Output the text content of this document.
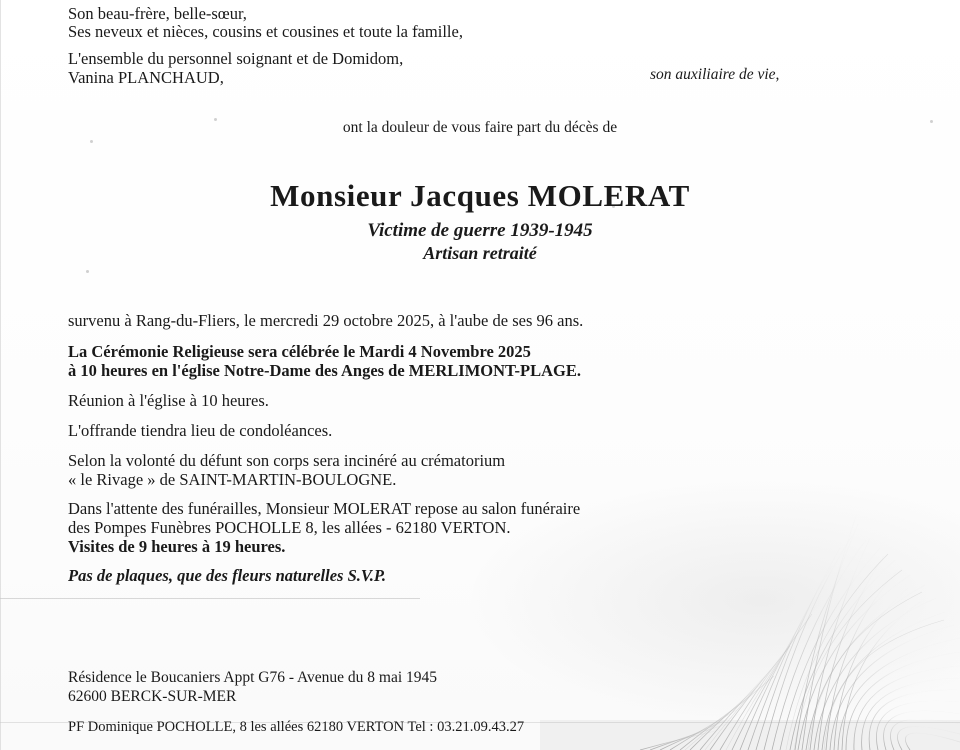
Son beau-frère, belle-sœur,
Ses neveux et nièces, cousins et cousines et toute la famille,
L'ensemble du personnel soignant et de Domidom,
Vanina PLANCHAUD,	son auxiliaire de vie,
ont la douleur de vous faire part du décès de
Monsieur Jacques MOLERAT
Victime de guerre 1939-1945
Artisan retraité
survenu à Rang-du-Fliers, le mercredi 29 octobre 2025, à l'aube de ses 96 ans.
La Cérémonie Religieuse sera célébrée le Mardi 4 Novembre 2025
à 10 heures en l'église Notre-Dame des Anges de MERLIMONT-PLAGE.
Réunion à l'église à 10 heures.
L'offrande tiendra lieu de condoléances.
Selon la volonté du défunt son corps sera incinéré au crématorium
« le Rivage » de SAINT-MARTIN-BOULOGNE.
Dans l'attente des funérailles, Monsieur MOLERAT repose au salon funéraire
des Pompes Funèbres POCHOLLE 8, les allées - 62180 VERTON.
Visites de 9 heures à 19 heures.
Pas de plaques, que des fleurs naturelles S.V.P.
Résidence le Boucaniers Appt G76 - Avenue du 8 mai 1945
62600 BERCK-SUR-MER
PF Dominique POCHOLLE, 8 les allées 62180 VERTON Tel : 03.21.09.43.27
